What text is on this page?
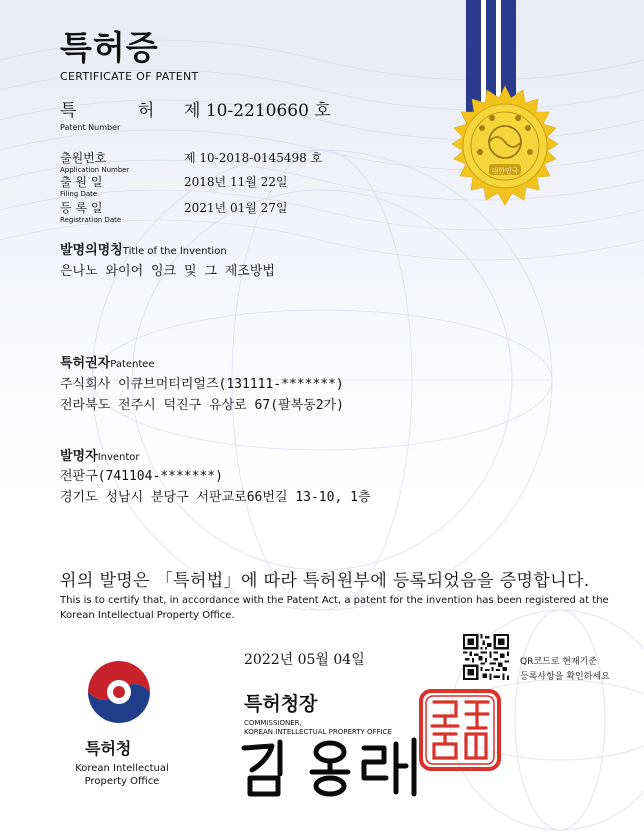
대한민국
특허증
CERTIFICATE OF PATENT
특 허 제 10-2210660 호
Patent Number
출원번호
Application Number
제 10-2018-0145498 호
출 원 일
Filing Date
2018년 11월 22일
등 록 일
Registration Date
2021년 01월 27일
발명의명칭Title of the Invention
은나노 와이어 잉크 및 그 제조방법
특허권자Patentee
주식회사 이큐브머티리얼즈(131111-*******)
전라북도 전주시 덕진구 유상로 67(팔복동2가)
발명자Inventor
전판구(741104-*******)
경기도 성남시 분당구 서판교로66번길 13-10, 1층
위의 발명은 「특허법」에 따라 특허원부에 등록되었음을 증명합니다.
This is to certify that, in accordance with the Patent Act, a patent for the invention has been registered at the Korean Intellectual Property Office.
특허청
Korean Intellectual
Property Office
2022년 05월 04일	QR코드로 현재기준
등록사항을 확인하세요
특허청장
COMMISSIONER,
KOREAN INTELLECTUAL PROPERTY OFFICE
특허청장인
